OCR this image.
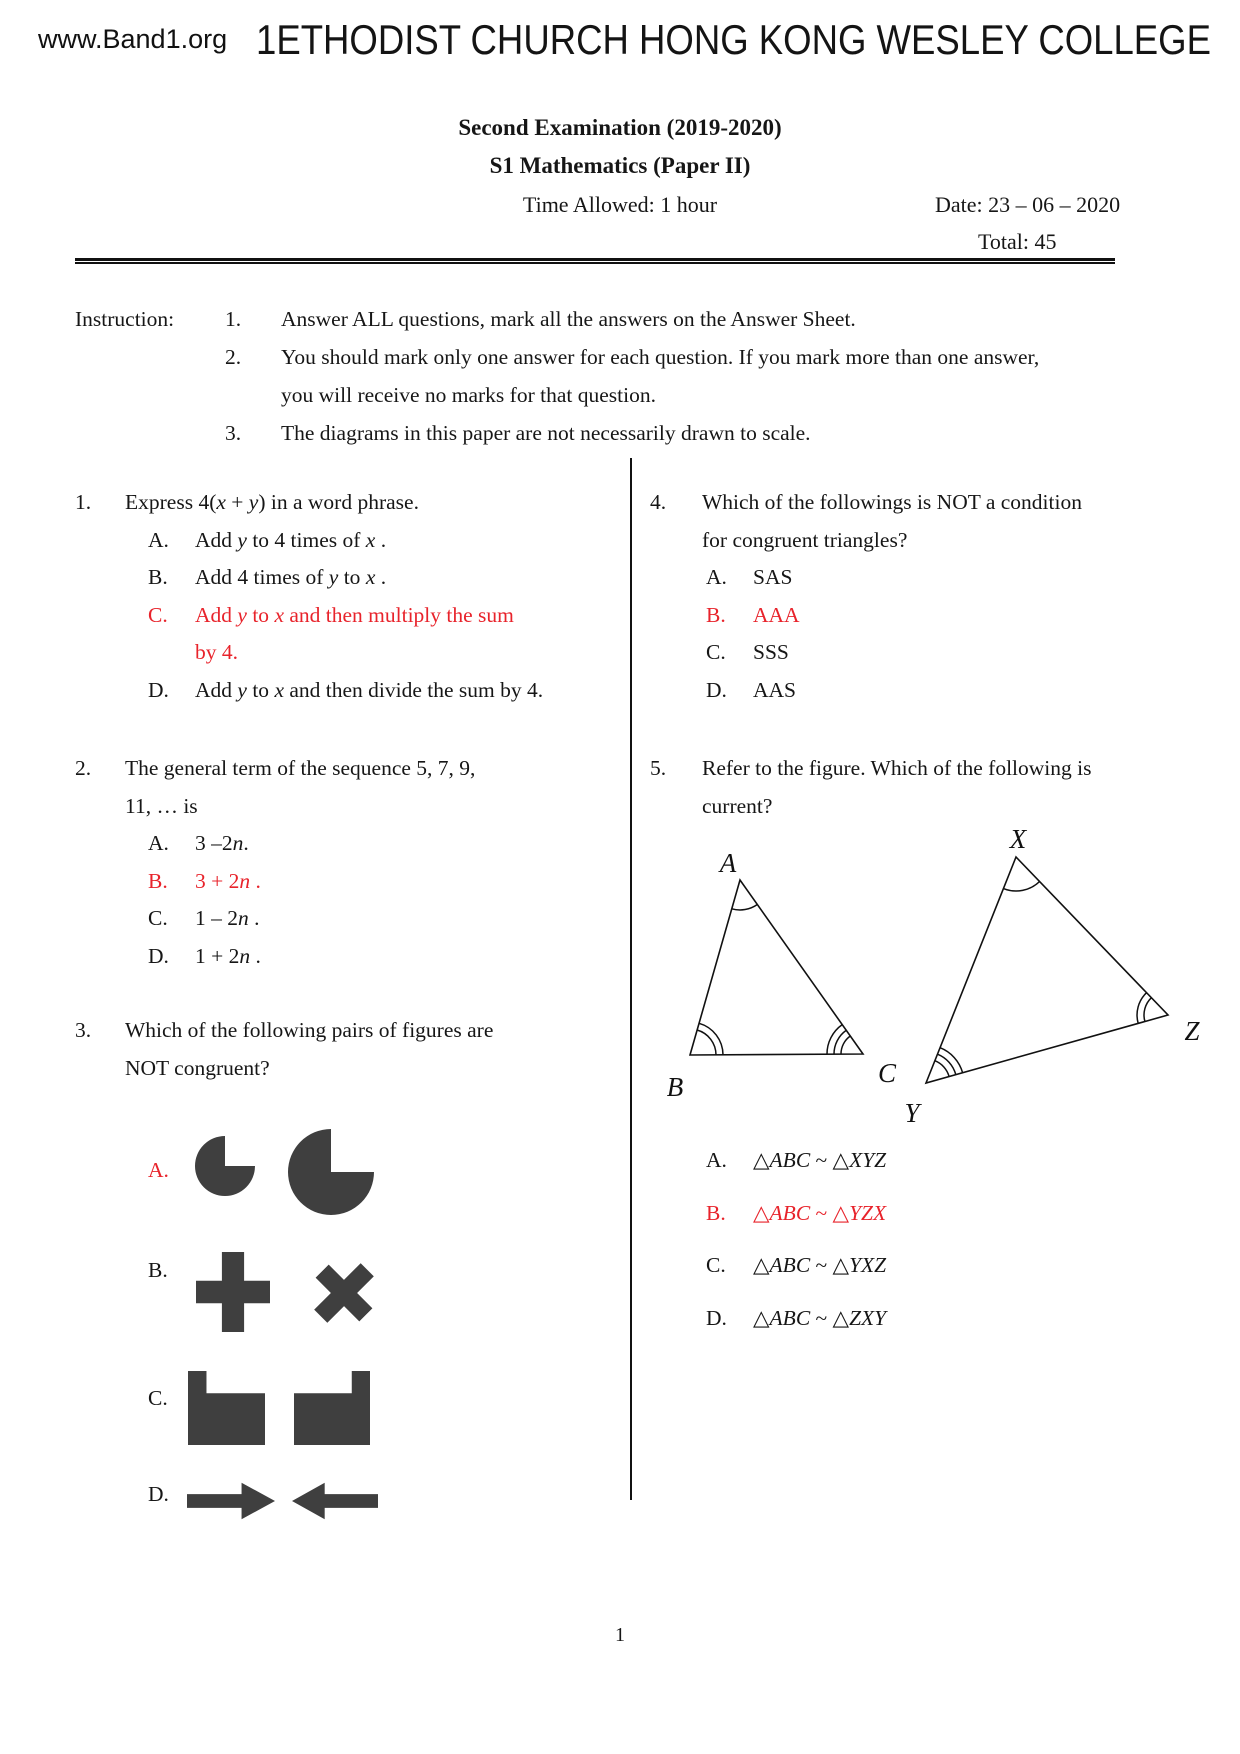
www.Band1.org 1ETHODIST CHURCH HONG KONG WESLEY COLLEGE
Second Examination (2019-2020)
S1 Mathematics (Paper II)
Time Allowed: 1 hour	Date: 23 – 06 – 2020
Total: 45
Instruction:	1.	Answer ALL questions, mark all the answers on the Answer Sheet.
2.	You should mark only one answer for each question. If you mark more than one answer,
you will receive no marks for that question.
3.	The diagrams in this paper are not necessarily drawn to scale.
1.	Express 4(x + y) in a word phrase.
A.	Add y to 4 times of x .
B.	Add 4 times of y to x .
C.	Add y to x and then multiply the sum
by 4.
D.	Add y to x and then divide the sum by 4.
2.	The general term of the sequence 5, 7, 9,
11, … is
A.	3 –2n.
B.	3 + 2n .
C.	1 – 2n .
D.	1 + 2n .
3.	Which of the following pairs of figures are
NOT congruent?
A.
B.
C.
D.
4.	Which of the followings is NOT a condition
for congruent triangles?
A.	SAS
B.	AAA
C.	SSS
D.	AAS
5.	Refer to the figure. Which of the following is
current?
A
B	C
X
Y
Z
A.	△ABC ~ △XYZ
B.	△ABC ~ △YZX
C.	△ABC ~ △YXZ
D.	△ABC ~ △ZXY
1
